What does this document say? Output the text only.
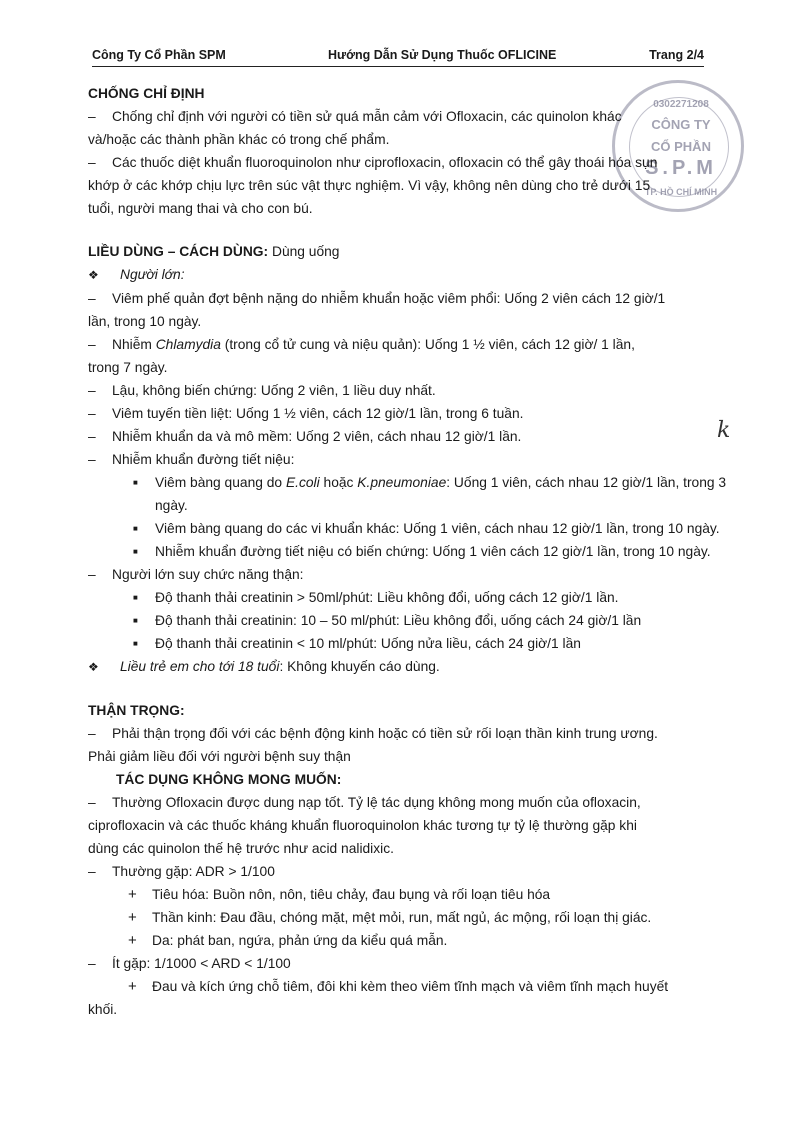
Công Ty Cổ Phần SPM	Hướng Dẫn Sử Dụng Thuốc OFLICINE	Trang 2/4
0302271208
CÔNG TY
CỔ PHẦN
S.P.M
TP. HỒ CHÍ MINH
k

CHỐNG CHỈ ĐỊNH

–Chống chỉ định với người có tiền sử quá mẫn cảm với Ofloxacin, các quinolon khác

và/hoặc các thành phần khác có trong chế phẩm.

–Các thuốc diệt khuẩn fluoroquinolon như ciprofloxacin, ofloxacin có thể gây thoái hóa sụn

khớp ở các khớp chịu lực trên súc vật thực nghiệm. Vì vậy, không nên dùng cho trẻ dưới 15

tuổi, người mang thai và cho con bú.

LIỀU DÙNG – CÁCH DÙNG: Dùng uống

❖ Người lớn:

–Viêm phế quản đợt bệnh nặng do nhiễm khuẩn hoặc viêm phổi: Uống 2 viên cách 12 giờ/1

lần, trong 10 ngày.

–Nhiễm Chlamydia (trong cổ tử cung và niệu quản): Uống 1 ½ viên, cách 12 giờ/ 1 lần,

trong 7 ngày.

–Lậu, không biến chứng: Uống 2 viên, 1 liều duy nhất.

–Viêm tuyến tiền liệt: Uống 1 ½ viên, cách 12 giờ/1 lần, trong 6 tuần.

–Nhiễm khuẩn da và mô mềm: Uống 2 viên, cách nhau 12 giờ/1 lần.

–Nhiễm khuẩn đường tiết niệu:

■ Viêm bàng quang do E.coli hoặc K.pneumoniae: Uống 1 viên, cách nhau 12 giờ/1 lần, trong 3 ngày.
■ Viêm bàng quang do các vi khuẩn khác: Uống 1 viên, cách nhau 12 giờ/1 lần, trong 10 ngày.
■ Nhiễm khuẩn đường tiết niệu có biến chứng: Uống 1 viên cách 12 giờ/1 lần, trong 10 ngày.

–Người lớn suy chức năng thận:

■ Độ thanh thải creatinin > 50ml/phút: Liều không đổi, uống cách 12 giờ/1 lần.
■ Độ thanh thải creatinin: 10 – 50 ml/phút: Liều không đổi, uống cách 24 giờ/1 lần
■ Độ thanh thải creatinin < 10 ml/phút: Uống nửa liều, cách 24 giờ/1 lần

❖ Liều trẻ em cho tới 18 tuổi: Không khuyến cáo dùng.

THẬN TRỌNG:

–Phải thận trọng đối với các bệnh động kinh hoặc có tiền sử rối loạn thần kinh trung ương.

Phải giảm liều đối với người bệnh suy thận

TÁC DỤNG KHÔNG MONG MUỐN:

–Thường Ofloxacin được dung nạp tốt. Tỷ lệ tác dụng không mong muốn của ofloxacin,

ciprofloxacin và các thuốc kháng khuẩn fluoroquinolon khác tương tự tỷ lệ thường gặp khi

dùng các quinolon thế hệ trước như acid nalidixic.

–Thường gặp: ADR > 1/100

+ Tiêu hóa: Buồn nôn, nôn, tiêu chảy, đau bụng và rối loạn tiêu hóa
+ Thần kinh: Đau đầu, chóng mặt, mệt mỏi, run, mất ngủ, ác mộng, rối loạn thị giác.
+ Da: phát ban, ngứa, phản ứng da kiểu quá mẫn.

–Ít gặp: 1/1000 < ARD < 1/100

+ Đau và kích ứng chỗ tiêm, đôi khi kèm theo viêm tĩnh mạch và viêm tĩnh mạch huyết

khối.
